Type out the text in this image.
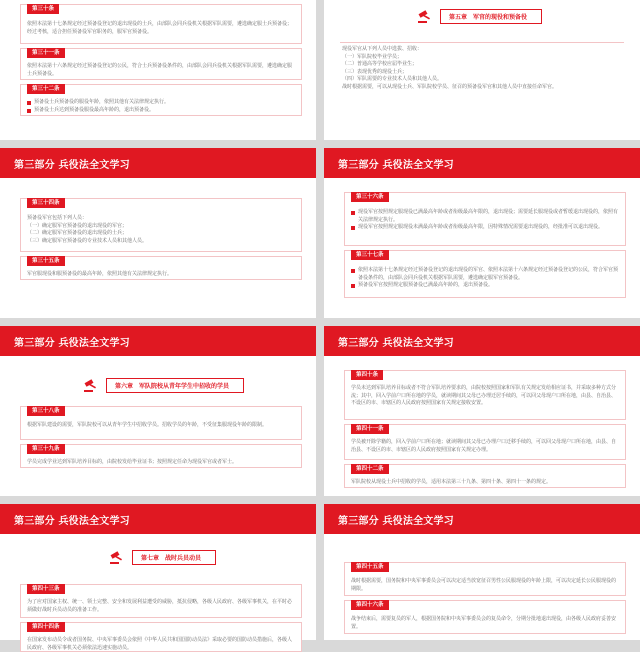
第三十条
依照本法第十七条规定经过预备役登记的退出现役的士兵，由部队会同兵役机关根据军队需要，遴选确定服士兵预备役；经过考核，适合担任预备役军官职务的，服军官预备役。
第三十一条
依照本法第十六条规定经过预备役登记的公民，符合士兵预备役条件的，由部队会同兵役机关根据军队需要，遴选确定服士兵预备役。
第三十二条
预备役士兵预备役的服役年龄，依照其他有关法律规定执行。
预备役士兵达到预备役服役最高年龄的，退出预备役。
第五章 军官的现役和预备役
现役军官从下列人员中选拔、招收：
（一）军队院校毕业学员；
（二）普通高等学校应届毕业生；
（三）表现优秀的现役士兵；
（四）军队需要的专业技术人员和其他人员。
战时根据需要，可以从现役士兵、军队院校学员、征召的预备役军官和其他人员中直接任命军官。
第三部分 兵役法全文学习
第三十四条
预备役军官包括下列人员：
（一）确定服军官预备役的退出现役的军官；
（二）确定服军官预备役的退出现役的士兵；
（三）确定服军官预备役的专业技术人员和其他人员。
第三十五条
军官服现役和服预备役的最高年龄，依照其他有关法律规定执行。
第三部分 兵役法全文学习
第三十六条
现役军官按照规定服现役已满最高年龄或者衔级最高年限的，退出现役；需要延长服现役或者暂缓退出现役的，依照有关法律规定执行。
现役军官按照规定服现役未满最高年龄或者衔级最高年限，因特殊情况需要退出现役的，经批准可以退出现役。
第三十七条
依照本法第十七条规定经过预备役登记的退出现役的军官、依照本法第十六条规定经过预备役登记的公民，符合军官预备役条件的，由部队会同兵役机关根据军队需要，遴选确定服军官预备役。
预备役军官按照规定服预备役已满最高年龄的，退出预备役。
第三部分 兵役法全文学习
第六章 军队院校从青年学生中招收的学员
第三十八条
根据军队建设的需要，军队院校可以从青年学生中招收学员。招收学员的年龄，不受征集服现役年龄的限制。
第三十九条
学员完成学业达到军队培养目标的，由院校发给毕业证书；按照规定任命为现役军官或者军士。
第三部分 兵役法全文学习
第四十条
学员未达到军队培养目标或者不符合军队培养要求的，由院校按照国家和军队有关规定发给相应证书，并采取多种方式分流；其中，回入学前户口所在地的学员，就读期间其父母已办理迁居手续的，可以回父母现户口所在地，由县、自治县、不设区的市、市辖区的人民政府按照国家有关规定接收安置。
第四十一条
学员被开除学籍的，回入学前户口所在地；就读期间其父母已办理户口迁移手续的，可以回父母现户口所在地，由县、自治县、不设区的市、市辖区的人民政府按照国家有关规定办理。
第四十二条
军队院校从现役士兵中招收的学员，适用本法第三十九条、第四十条、第四十一条的规定。
第三部分 兵役法全文学习
第七章 战时兵员动员
第四十三条
为了应对国家主权、统一、领土完整、安全和发展利益遭受的威胁，抵抗侵略，各级人民政府、各级军事机关，在平时必须做好战时兵员动员的准备工作。
第四十四条
在国家发布动员令或者国务院、中央军事委员会依照《中华人民共和国国防动员法》采取必要的国防动员措施后，各级人民政府、各级军事机关必须依法迅速实施动员。
第三部分 兵役法全文学习
第四十五条
战时根据需要，国务院和中央军事委员会可以决定适当放宽征召男性公民服现役的年龄上限，可以决定延长公民服现役的期限。
第四十六条
战争结束后，需要复员的军人，根据国务院和中央军事委员会的复员命令，分期分批地退出现役，由各级人民政府妥善安置。
